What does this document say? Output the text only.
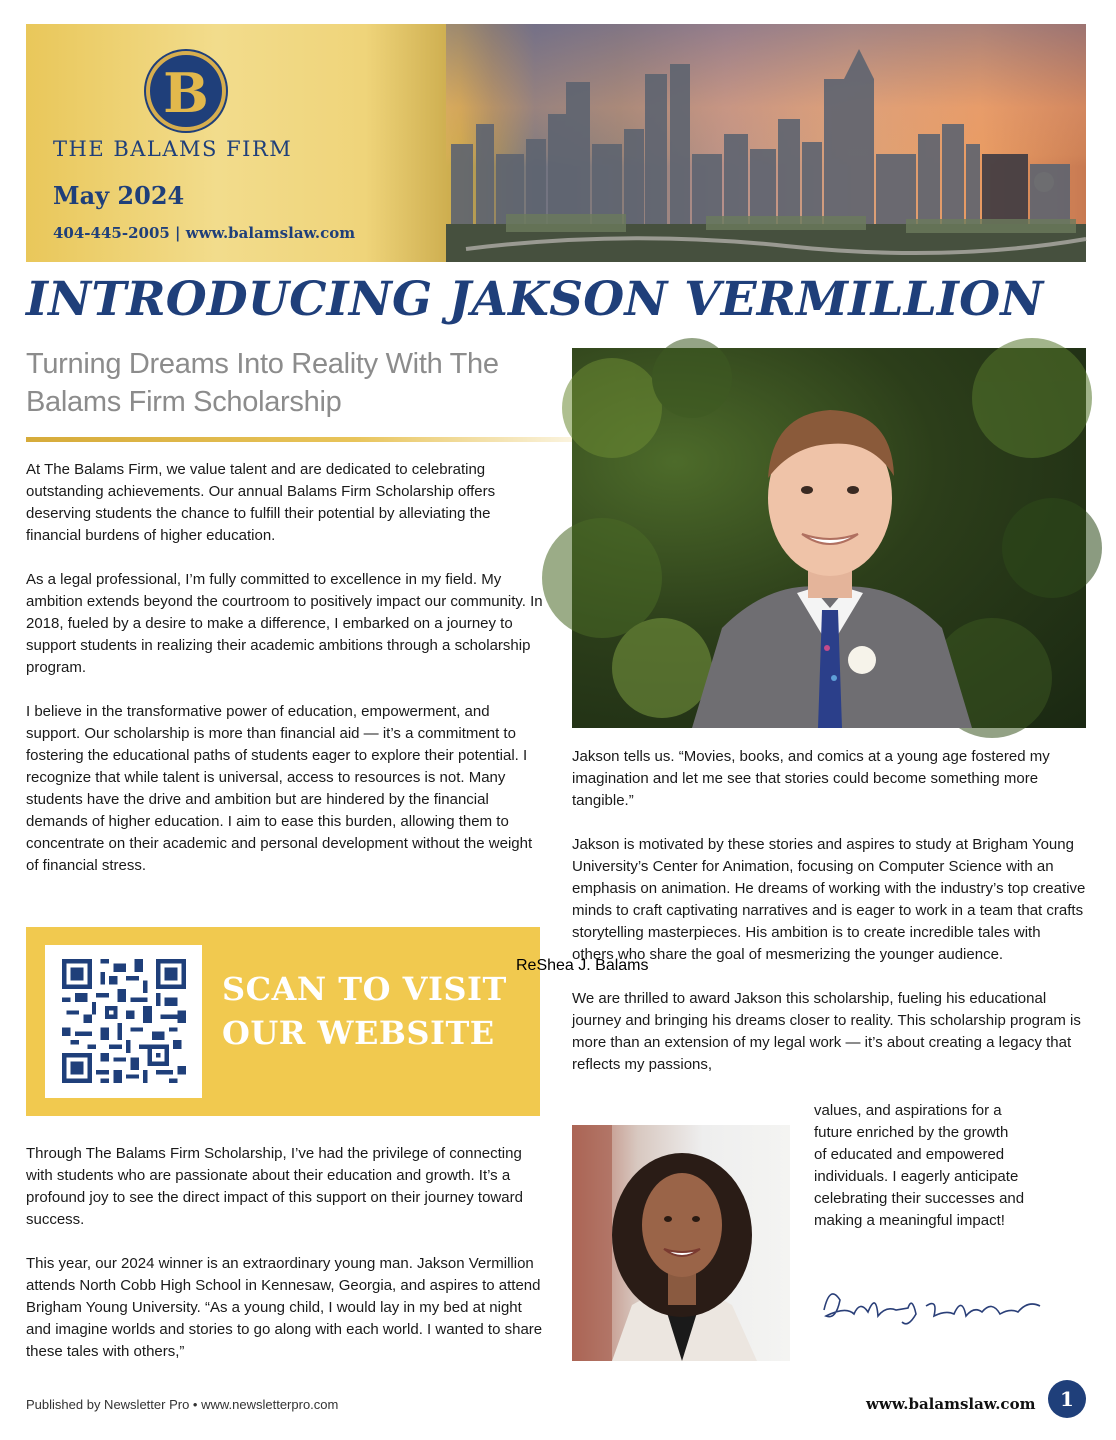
B
THE BALAMS FIRM
May 2024
404-445-2005 | www.balamslaw.com
INTRODUCING JAKSON VERMILLION
Turning Dreams Into Reality With The Balams Firm Scholarship

At The Balams Firm, we value talent and are dedicated to celebrating outstanding achievements. Our annual Balams Firm Scholarship offers deserving students the chance to fulfill their potential by alleviating the financial burdens of higher education.

As a legal professional, I’m fully committed to excellence in my field. My ambition extends beyond the courtroom to positively impact our community. In 2018, fueled by a desire to make a difference, I embarked on a journey to support students in realizing their academic ambitions through a scholarship program.

I believe in the transformative power of education, empowerment, and support. Our scholarship is more than financial aid — it’s a commitment to fostering the educational paths of students eager to explore their potential. I recognize that while talent is universal, access to resources is not. Many students have the drive and ambition but are hindered by the financial demands of higher education. I aim to ease this burden, allowing them to concentrate on their academic and personal development without the weight of financial stress.

SCAN TO VISIT OUR WEBSITE

Through The Balams Firm Scholarship, I’ve had the privilege of connecting with students who are passionate about their education and growth. It’s a profound joy to see the direct impact of this support on their journey toward success.

This year, our 2024 winner is an extraordinary young man. Jakson Vermillion attends North Cobb High School in Kennesaw, Georgia, and aspires to attend Brigham Young University. “As a young child, I would lay in my bed at night and imagine worlds and stories to go along with each world. I wanted to share these tales with others,”

Jakson tells us. “Movies, books, and comics at a young age fostered my imagination and let me see that stories could become something more tangible.”

Jakson is motivated by these stories and aspires to study at Brigham Young University’s Center for Animation, focusing on Computer Science with an emphasis on animation. He dreams of working with the industry’s top creative minds to craft captivating narratives and is eager to work in a team that crafts storytelling masterpieces. His ambition is to create incredible tales with others who share the goal of mesmerizing the younger audience.

We are thrilled to award Jakson this scholarship, fueling his educational journey and bringing his dreams closer to reality. This scholarship program is more than an extension of my legal work — it’s about creating a legacy that reflects my passions,

values, and aspirations for a
future enriched by the growth
of educated and empowered
individuals. I eagerly anticipate
celebrating their successes and
making a meaningful impact!
ReShea J. Balams
Published by Newsletter Pro • www.newsletterpro.com	www.balamslaw.com	1
